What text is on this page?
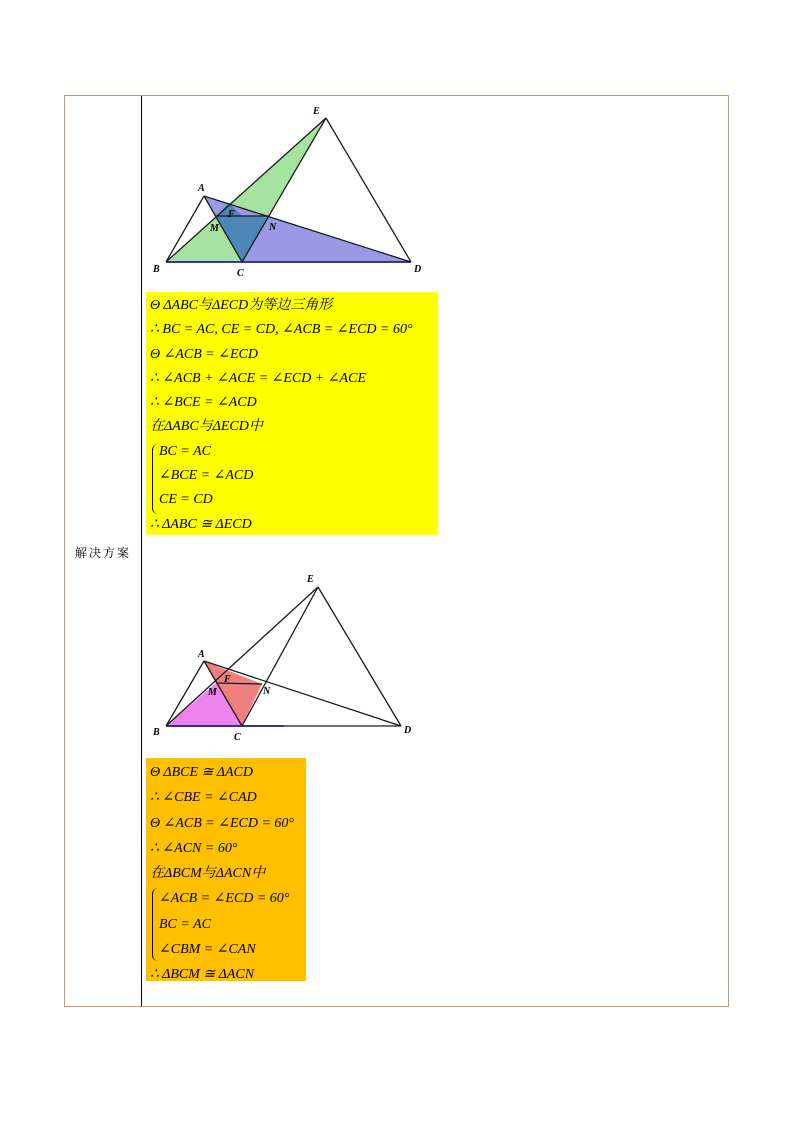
解决方案
E
A
F
M	N
B	C	D
Θ ΔABC与ΔECD为等边三角形
∴ BC = AC, CE = CD, ∠ACB = ∠ECD = 60°
Θ ∠ACB = ∠ECD
∴ ∠ACB + ∠ACE = ∠ECD + ∠ACE
∴ ∠BCE = ∠ACD
在ΔABC与ΔECD中
BC = AC
∠BCE = ∠ACD
CE = CD
∴ ΔABC ≅ ΔECD
E
A
F
M	N
B	C
D
Θ ΔBCE ≅ ΔACD
∴ ∠CBE = ∠CAD
Θ ∠ACB = ∠ECD = 60°
∴ ∠ACN = 60°
在ΔBCM与ΔACN中
∠ACB = ∠ECD = 60°
BC = AC
∠CBM = ∠CAN
∴ ΔBCM ≅ ΔACN
